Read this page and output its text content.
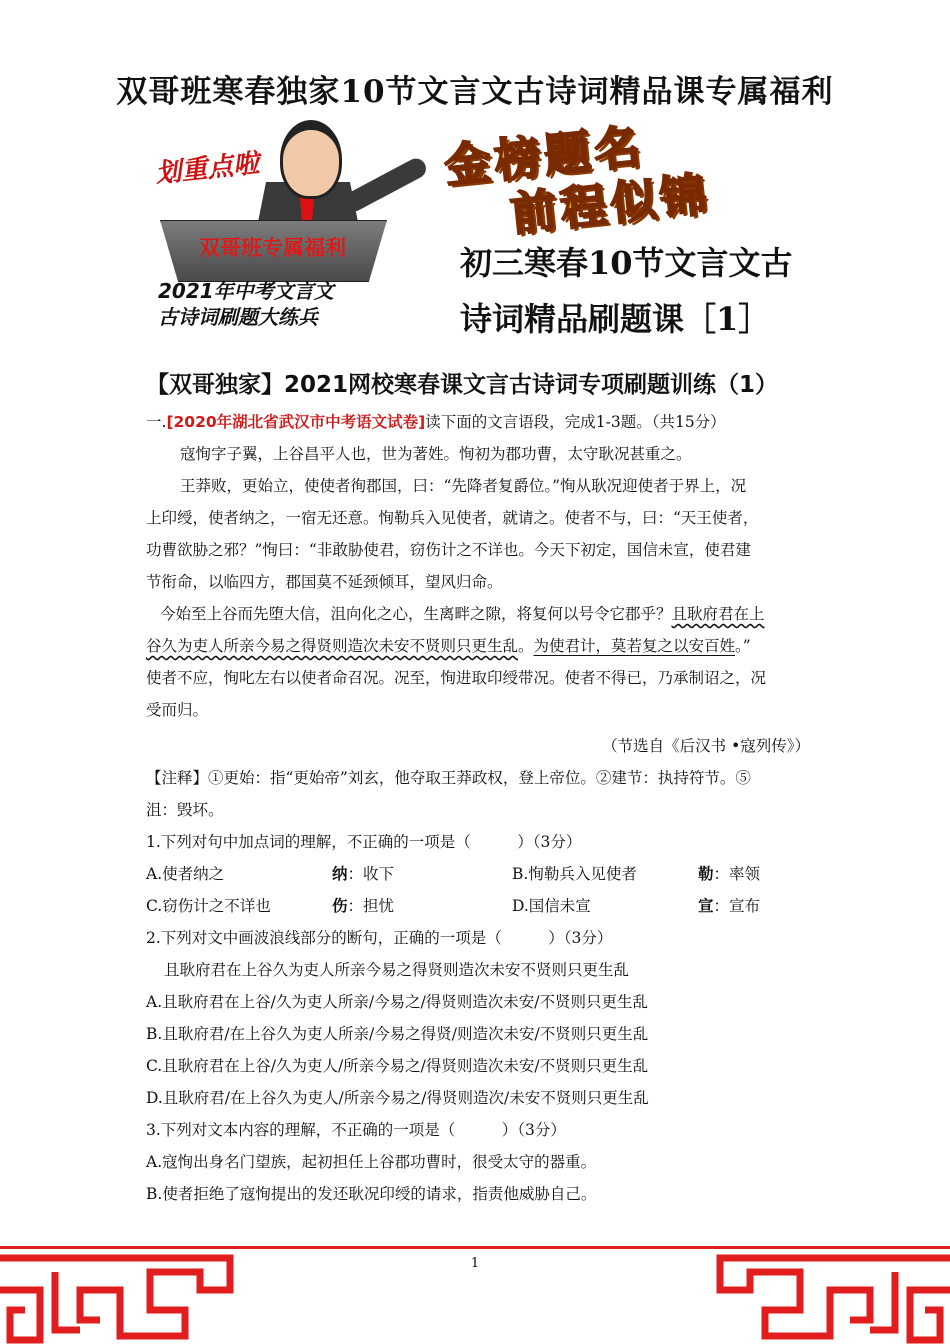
双哥班寒春独家10节文言文古诗词精品课专属福利
划重点啦
双哥班专属福利
2021年中考文言文
古诗词刷题大练兵
金榜题名
前程似锦
初三寒春10节文言文古
诗词精品刷题课［1］
【双哥独家】2021网校寒春课文言古诗词专项刷题训练（1）
一.[2020年湖北省武汉市中考语文试卷]读下面的文言语段，完成1-3题。（共15分）
寇恂字子翼，上谷昌平人也，世为著姓。恂初为郡功曹，太守耿况甚重之。
王莽败，更始立，使使者徇郡国，曰：“先降者复爵位。”恂从耿况迎使者于界上，况
上印绶，使者纳之，一宿无还意。恂勒兵入见使者，就请之。使者不与，曰：“天王使者，
功曹欲胁之邪？”恂曰：“非敢胁使君，窃伤计之不详也。今天下初定，国信未宣，使君建
节衔命，以临四方，郡国莫不延颈倾耳，望风归命。
今始至上谷而先堕大信，沮向化之心，生离畔之隙，将复何以号令它郡乎？且耿府君在上
谷久为吏人所亲今易之得贤则造次未安不贤则只更生乱。为使君计，莫若复之以安百姓。”
使者不应，恂叱左右以使者命召况。况至，恂进取印绶带况。使者不得已，乃承制诏之，况
受而归。
（节选自《后汉书 •寇列传》）
【注释】①更始：指“更始帝”刘玄，他夺取王莽政权，登上帝位。②建节：执持符节。⑤
沮：毁坏。
1.下列对句中加点词的理解，不正确的一项是（　　　）（3分）
A.使者纳之	纳：收下	B.恂勒兵入见使者	勒：率领
C.窃伤计之不详也	伤：担忧	D.国信未宣	宣：宣布
2.下列对文中画波浪线部分的断句，正确的一项是（　　　）（3分）
且耿府君在上谷久为吏人所亲今易之得贤则造次未安不贤则只更生乱
A.且耿府君在上谷/久为吏人所亲/今易之/得贤则造次未安/不贤则只更生乱
B.且耿府君/在上谷久为吏人所亲/今易之得贤/则造次未安/不贤则只更生乱
C.且耿府君在上谷/久为吏人/所亲今易之/得贤则造次未安/不贤则只更生乱
D.且耿府君/在上谷久为吏人/所亲今易之/得贤则造次/未安不贤则只更生乱
3.下列对文本内容的理解，不正确的一项是（　　　）（3分）
A.寇恂出身名门望族，起初担任上谷郡功曹时，很受太守的器重。
B.使者拒绝了寇恂提出的发还耿况印绶的请求，指责他威胁自己。
1
